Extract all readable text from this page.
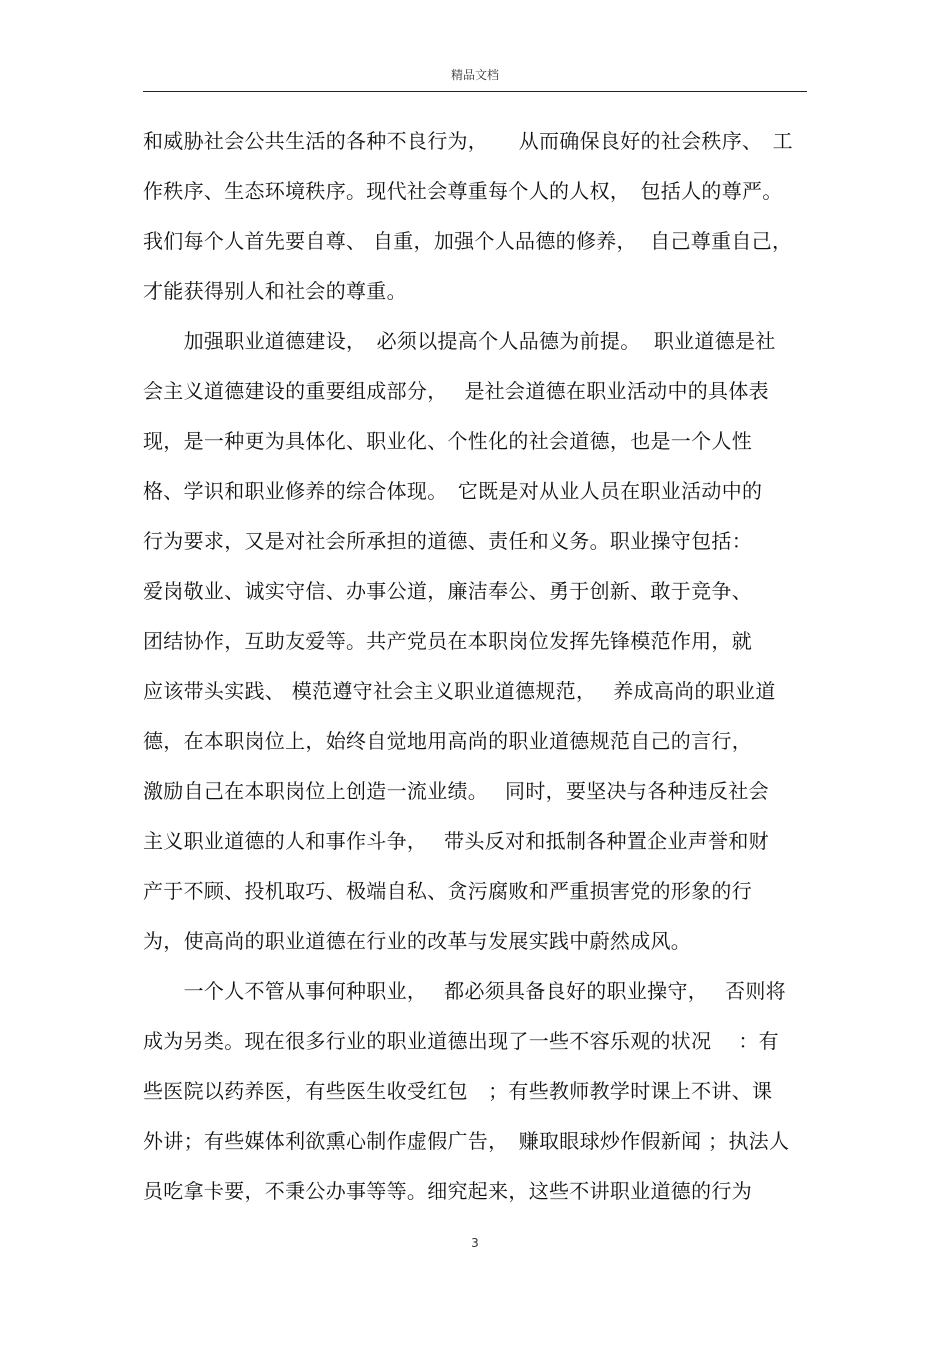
精品文档
和威胁社会公共生活的各种不良行为，　　从而确保良好的社会秩序、　工
作秩序、生态环境秩序。现代社会尊重每个人的人权，　包括人的尊严。
我们每个人首先要自尊、 自重，加强个人品德的修养，  自己尊重自己，
才能获得别人和社会的尊重。
　　加强职业道德建设，　必须以提高个人品德为前提。  职业道德是社
会主义道德建设的重要组成部分，　 是社会道德在职业活动中的具体表
现，是一种更为具体化、职业化、个性化的社会道德，也是一个人性
格、学识和职业修养的综合体现。　它既是对从业人员在职业活动中的
行为要求，又是对社会所承担的道德、责任和义务。职业操守包括：
爱岗敬业、诚实守信、办事公道，廉洁奉公、勇于创新、敢于竞争、
团结协作，互助友爱等。共产党员在本职岗位发挥先锋模范作用，就
应该带头实践、 模范遵守社会主义职业道德规范，　 养成高尚的职业道
德，在本职岗位上，始终自觉地用高尚的职业道德规范自己的言行，
激励自己在本职岗位上创造一流业绩。　 同时，要坚决与各种违反社会
主义职业道德的人和事作斗争，　 带头反对和抵制各种置企业声誉和财
产于不顾、投机取巧、极端自私、贪污腐败和严重损害党的形象的行
为，使高尚的职业道德在行业的改革与发展实践中蔚然成风。
　　一个人不管从事何种职业，　 都必须具备良好的职业操守，　 否则将
成为另类。现在很多行业的职业道德出现了一些不容乐观的状况　 ：有
些医院以药养医，有些医生收受红包　；有些教师教学时课上不讲、课
外讲；有些媒体利欲熏心制作虚假广告，　赚取眼球炒作假新闻 ；执法人
员吃拿卡要，不秉公办事等等。细究起来，这些不讲职业道德的行为
3
